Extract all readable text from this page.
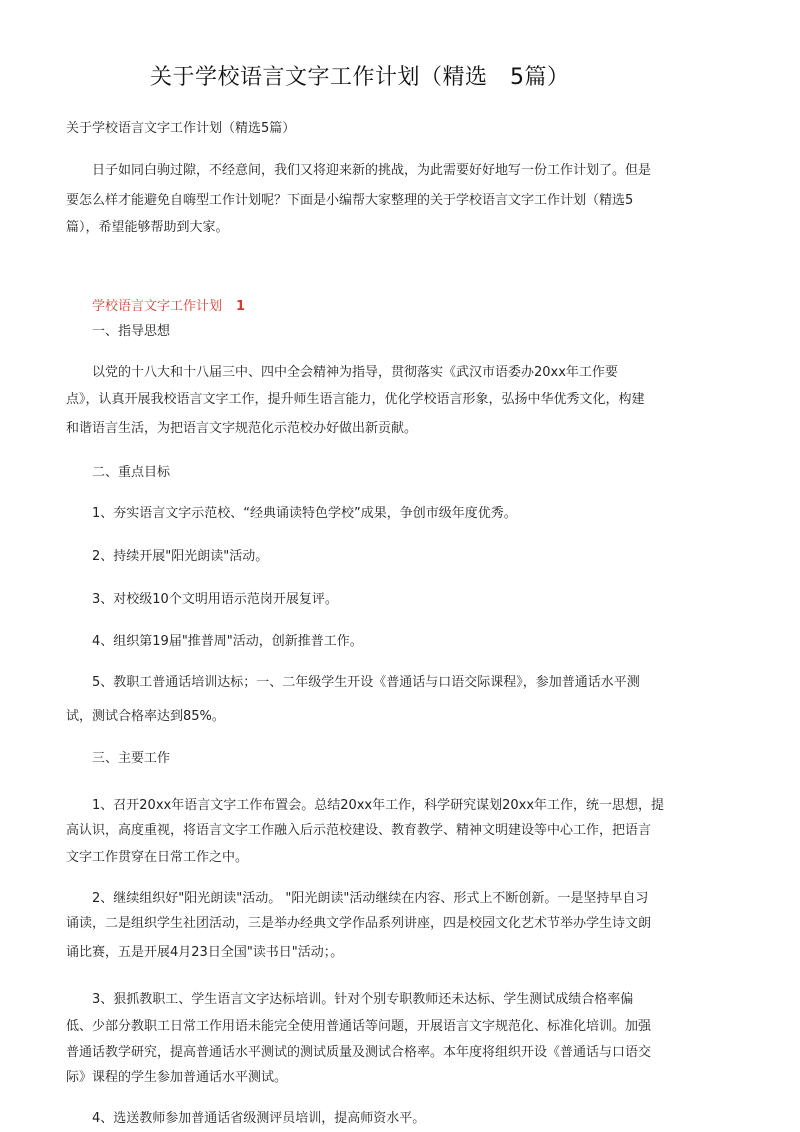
关于学校语言文字工作计划（精选　5篇）
关于学校语言文字工作计划（精选5篇）
日子如同白驹过隙，不经意间，我们又将迎来新的挑战，为此需要好好地写一份工作计划了。但是
要怎么样才能避免自嗨型工作计划呢？下面是小编帮大家整理的关于学校语言文字工作计划（精选5
篇），希望能够帮助到大家。
学校语言文字工作计划 1
一、指导思想
以党的十八大和十八届三中、四中全会精神为指导，贯彻落实《武汉市语委办20xx年工作要
点》，认真开展我校语言文字工作，提升师生语言能力，优化学校语言形象，弘扬中华优秀文化，构建
和谐语言生活，为把语言文字规范化示范校办好做出新贡献。
二、重点目标
1、夯实语言文字示范校、“经典诵读特色学校”成果，争创市级年度优秀。
2、持续开展"阳光朗读"活动。
3、对校级10个文明用语示范岗开展复评。
4、组织第19届"推普周"活动，创新推普工作。
5、教职工普通话培训达标；一、二年级学生开设《普通话与口语交际课程》，参加普通话水平测
试，测试合格率达到85%。
三、主要工作
1、召开20xx年语言文字工作布置会。总结20xx年工作，科学研究谋划20xx年工作，统一思想，提
高认识，高度重视，将语言文字工作融入后示范校建设、教育教学、精神文明建设等中心工作，把语言
文字工作贯穿在日常工作之中。
2、继续组织好"阳光朗读"活动。 "阳光朗读"活动继续在内容、形式上不断创新。一是坚持早自习
诵读，二是组织学生社团活动，三是举办经典文学作品系列讲座，四是校园文化艺术节举办学生诗文朗
诵比赛，五是开展4月23日全国"读书日"活动；。
3、狠抓教职工、学生语言文字达标培训。针对个别专职教师还未达标、学生测试成绩合格率偏
低、少部分教职工日常工作用语未能完全使用普通话等问题，开展语言文字规范化、标准化培训。加强
普通话教学研究，提高普通话水平测试的测试质量及测试合格率。本年度将组织开设《普通话与口语交
际》课程的学生参加普通话水平测试。
4、选送教师参加普通话省级测评员培训，提高师资水平。
